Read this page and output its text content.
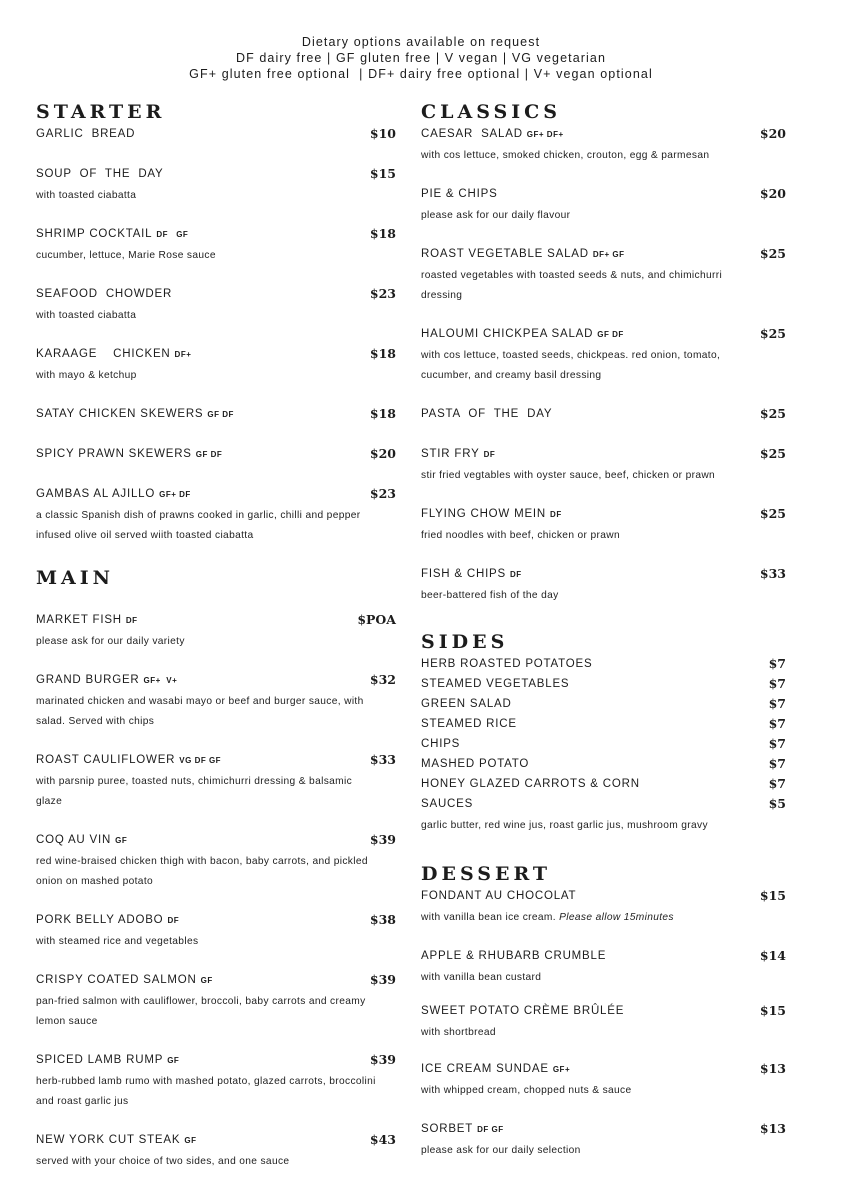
Dietary options available on request
DF dairy free | GF gluten free | V vegan | VG vegetarian
GF+ gluten free optional  | DF+ dairy free optional | V+ vegan optional
STARTER
GARLIC  BREAD	$10
SOUP  OF  THE  DAY	$15
with toasted ciabatta
SHRIMP COCKTAIL DF   GF	$18
cucumber, lettuce, Marie Rose sauce
SEAFOOD  CHOWDER	$23
with toasted ciabatta
KARAAGE    CHICKEN DF+	$18
with mayo & ketchup
SATAY CHICKEN SKEWERS GF DF	$18
SPICY PRAWN SKEWERS GF DF	$20
GAMBAS AL AJILLO GF+ DF	$23
a classic Spanish dish of prawns cooked in garlic, chilli and pepper infused olive oil served wiith toasted ciabatta
MAIN
MARKET FISH DF	$POA
please ask for our daily variety
GRAND BURGER GF+  V+	$32
marinated chicken and wasabi mayo or beef and burger sauce, with salad. Served with chips
ROAST CAULIFLOWER VG DF GF	$33
with parsnip puree, toasted nuts, chimichurri dressing & balsamic glaze
COQ AU VIN GF	$39
red wine-braised chicken thigh with bacon, baby carrots, and pickled onion on mashed potato
PORK BELLY ADOBO DF	$38
with steamed rice and vegetables
CRISPY COATED SALMON GF	$39
pan-fried salmon with cauliflower, broccoli, baby carrots and creamy lemon sauce
SPICED LAMB RUMP GF	$39
herb-rubbed lamb rumo with mashed potato, glazed carrots, broccolini and roast garlic jus
NEW YORK CUT STEAK GF	$43
served with your choice of two sides, and one sauce
CLASSICS
CAESAR  SALAD GF+ DF+	$20
with cos lettuce, smoked chicken, crouton, egg & parmesan
PIE & CHIPS	$20
please ask for our daily flavour
ROAST VEGETABLE SALAD DF+ GF	$25
roasted vegetables with toasted seeds & nuts, and chimichurri dressing
HALOUMI CHICKPEA SALAD GF DF	$25
with cos lettuce, toasted seeds, chickpeas. red onion, tomato, cucumber, and creamy basil dressing
PASTA  OF  THE  DAY	$25
STIR FRY DF	$25
stir fried vegtables with oyster sauce, beef, chicken or prawn
FLYING CHOW MEIN DF	$25
fried noodles with beef, chicken or prawn
FISH & CHIPS DF	$33
beer-battered fish of the day
SIDES
HERB ROASTED POTATOES	$7
STEAMED VEGETABLES	$7
GREEN SALAD	$7
STEAMED RICE	$7
CHIPS	$7
MASHED POTATO	$7
HONEY GLAZED CARROTS & CORN	$7
SAUCES	$5
garlic butter, red wine jus, roast garlic jus, mushroom gravy
DESSERT
FONDANT AU CHOCOLAT	$15
with vanilla bean ice cream. Please allow 15minutes
APPLE & RHUBARB CRUMBLE	$14
with vanilla bean custard
SWEET POTATO CRÈME BRÛLÉE	$15
with shortbread
ICE CREAM SUNDAE GF+	$13
with whipped cream, chopped nuts & sauce
SORBET DF GF	$13
please ask for our daily selection
